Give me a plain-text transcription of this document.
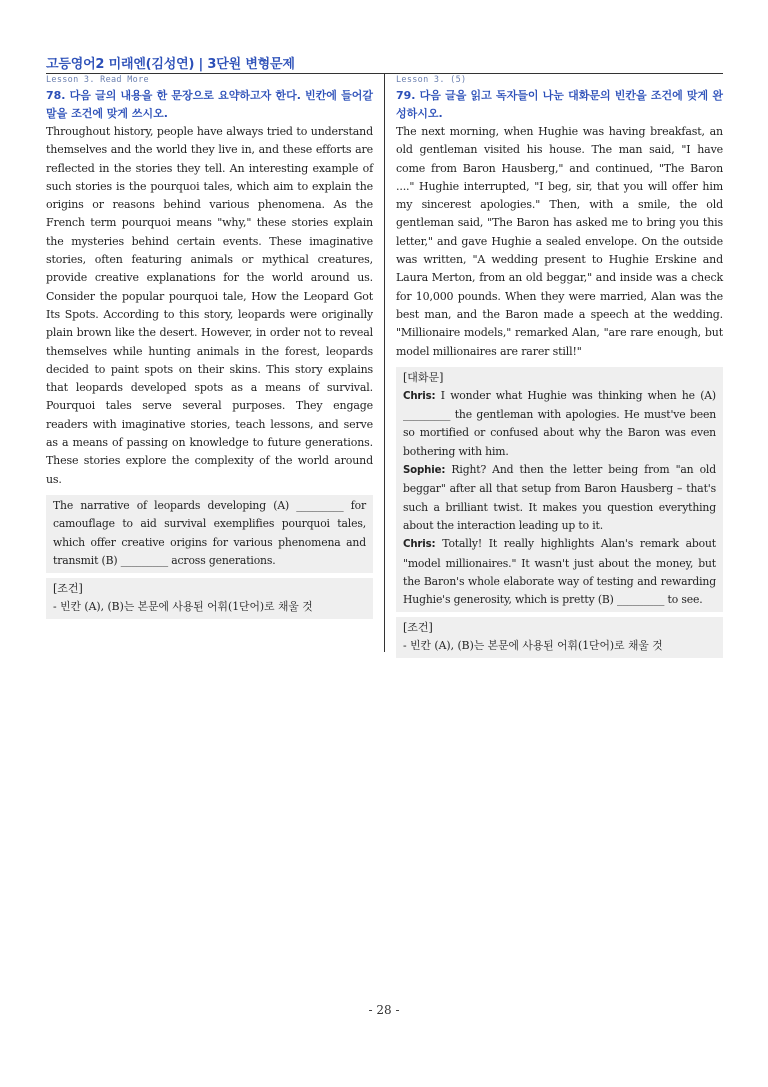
고등영어2 미래엔(김성연) | 3단원 변형문제
Lesson 3. Read More
78. 다음 글의 내용을 한 문장으로 요약하고자 한다. 빈칸에 들어갈 말을 조건에 맞게 쓰시오.

Throughout history, people have always tried to understand themselves and the world they live in, and these efforts are reflected in the stories they tell. An interesting example of such stories is the pourquoi tales, which aim to explain the origins or reasons behind various phenomena. As the French term pourquoi means "why," these stories explain the mysteries behind certain events. These imaginative stories, often featuring animals or mythical creatures, provide creative explanations for the world around us. Consider the popular pourquoi tale, How the Leopard Got Its Spots. According to this story, leopards were originally plain brown like the desert. However, in order not to reveal themselves while hunting animals in the forest, leopards decided to paint spots on their skins. This story explains that leopards developed spots as a means of survival. Pourquoi tales serve several purposes. They engage readers with imaginative stories, teach lessons, and serve as a means of passing on knowledge to future generations. These stories explore the complexity of the world around us.

The narrative of leopards developing (A) _________ for camouflage to aid survival exemplifies pourquoi tales, which offer creative origins for various phenomena and transmit (B) _________ across generations.

[조건]
- 빈칸 (A), (B)는 본문에 사용된 어휘(1단어)로 채울 것
Lesson 3. (5)
79. 다음 글을 읽고 독자들이 나눈 대화문의 빈칸을 조건에 맞게 완성하시오.

The next morning, when Hughie was having breakfast, an old gentleman visited his house. The man said, "I have come from Baron Hausberg," and continued, "The Baron ...." Hughie interrupted, "I beg, sir, that you will offer him my sincerest apologies." Then, with a smile, the old gentleman said, "The Baron has asked me to bring you this letter," and gave Hughie a sealed envelope. On the outside was written, "A wedding present to Hughie Erskine and Laura Merton, from an old beggar," and inside was a check for 10,000 pounds. When they were married, Alan was the best man, and the Baron made a speech at the wedding. "Millionaire models," remarked Alan, "are rare enough, but model millionaires are rarer still!"

[대화문]

Chris: I wonder what Hughie was thinking when he (A) _________ the gentleman with apologies. He must've been so mortified or confused about why the Baron was even bothering with him.

Sophie: Right? And then the letter being from "an old beggar" after all that setup from Baron Hausberg – that's such a brilliant twist. It makes you question everything about the interaction leading up to it.

Chris: Totally! It really highlights Alan's remark about "model millionaires." It wasn't just about the money, but the Baron's whole elaborate way of testing and rewarding Hughie's generosity, which is pretty (B) _________ to see.

[조건]
- 빈칸 (A), (B)는 본문에 사용된 어휘(1단어)로 채울 것
- 28 -
